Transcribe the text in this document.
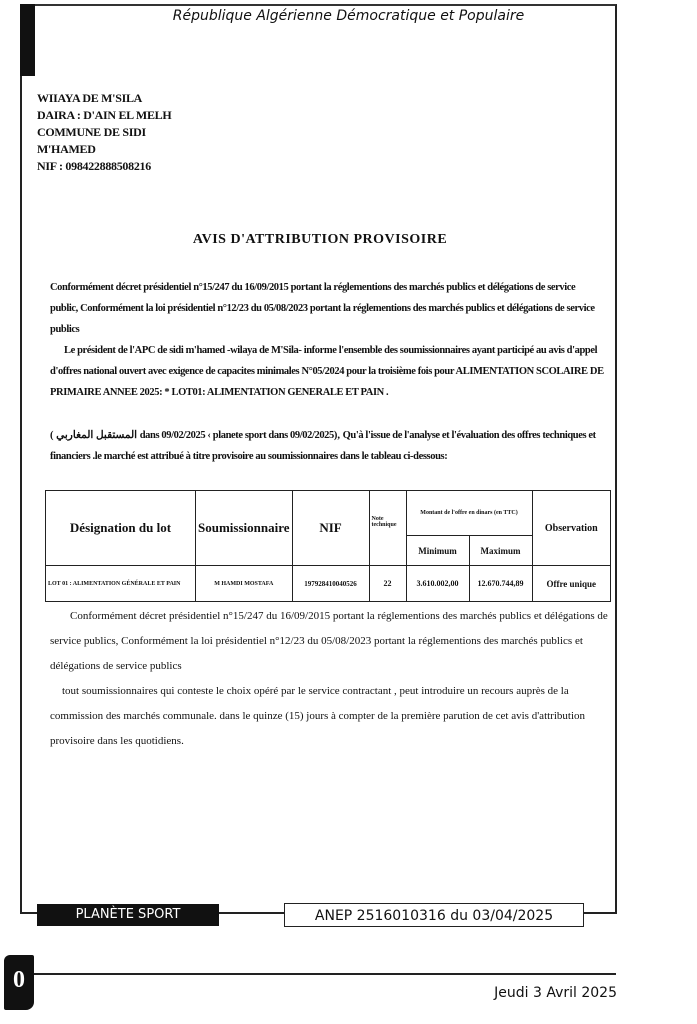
République Algérienne Démocratique et Populaire
WIIAYA DE M'SILA
DAIRA : D'AIN EL MELH
COMMUNE DE SIDI
M'HAMED
NIF : 098422888508216
AVIS D'ATTRIBUTION PROVISOIRE
Conformément décret présidentiel n°15/247 du 16/09/2015 portant la réglementions des marchés publics et délégations de service public, Conformément la loi présidentiel n°12/23 du 05/08/2023 portant la réglementions des marchés publics et délégations de service publics
Le président de l'APC de sidi m'hamed -wilaya de M'Sila- informe l'ensemble des soumissionnaires ayant participé au avis d'appel d'offres national ouvert avec exigence de capacites minimales N°05/2024 pour la troisième fois pour ALIMENTATION SCOLAIRE DE PRIMAIRE ANNEE 2025: * LOT01: ALIMENTATION GENERALE ET PAIN .
( المستقبل المغاربي dans 09/02/2025 ‹ planete sport dans 09/02/2025), Qu'à l'issue de l'analyse et l'évaluation des offres techniques et financiers .le marché est attribué à titre provisoire au soumissionnaires dans le tableau ci-dessous:
Désignation du lot	Soumissionnaire	NIF	Note technique	Montant de l'offre en dinars (en TTC)		Observation
				Minimum	Maximum	
LOT 01 : ALIMENTATION GÉNÉRALE ET PAIN	M HAMDI MOSTAFA	197928410040526	22	3.610.002,00	12.670.744,89	Offre unique
Conformément décret présidentiel n°15/247 du 16/09/2015 portant la réglementions des marchés publics et délégations de service publics, Conformément la loi présidentiel n°12/23 du 05/08/2023 portant la réglementions des marchés publics et délégations de service publics
tout soumissionnaires qui conteste le choix opéré par le service contractant , peut introduire un recours auprès de la commission des marchés communale. dans le quinze (15) jours à compter de la première parution de cet avis d'attribution provisoire dans les quotidiens.
PLANÈTE SPORT	ANEP 2516010316 du 03/04/2025
0	Jeudi 3 Avril 2025
